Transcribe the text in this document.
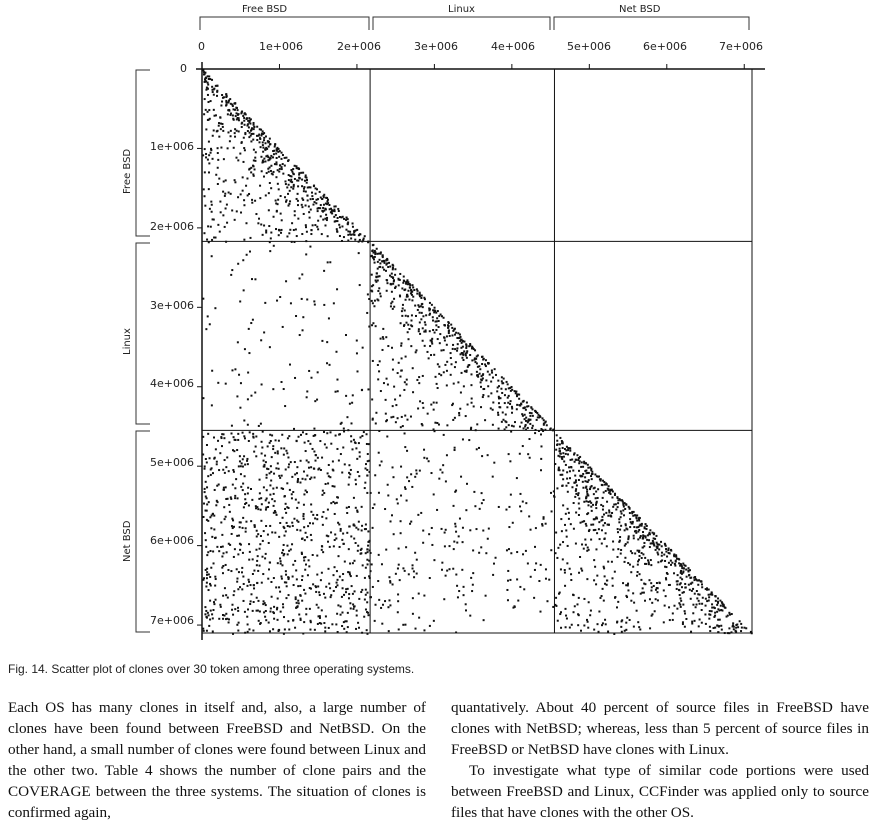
Free BSD	Linux	Net BSD
Free BSD
Linux
Net BSD
0	1e+006	2e+006	3e+006	4e+006	5e+006	6e+006	7e+006
0
1e+006
2e+006
3e+006
4e+006
5e+006
6e+006
7e+006
Fig. 14. Scatter plot of clones over 30 token among three operating systems.

Each OS has many clones in itself and, also, a large number of clones have been found between FreeBSD and NetBSD. On the other hand, a small number of clones were found between Linux and the other two. Table 4 shows the number of clone pairs and the COVERAGE between the three systems. The situation of clones is confirmed again,

quantatively. About 40 percent of source files in FreeBSD have clones with NetBSD; whereas, less than 5 percent of source files in FreeBSD or NetBSD have clones with Linux.

To investigate what type of similar code portions were used between FreeBSD and Linux, CCFinder was applied only to source files that have clones with the other OS.
